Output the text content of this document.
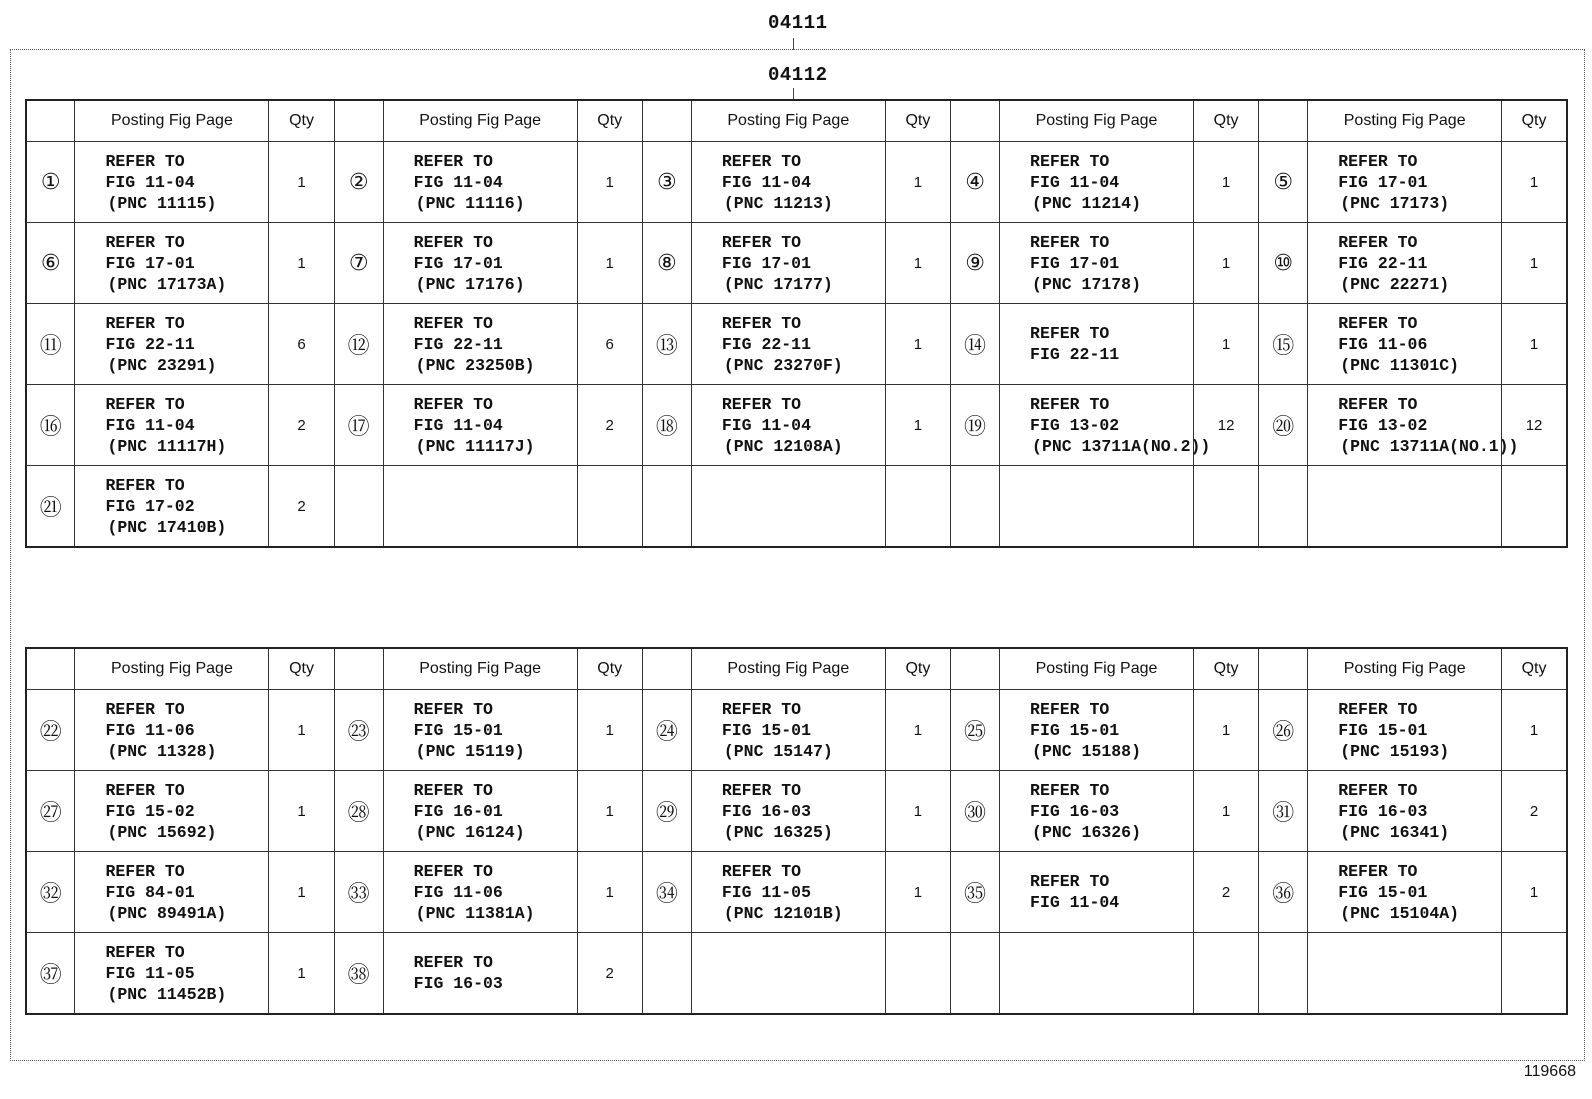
04111
04112
	Posting Fig Page	Qty		Posting Fig Page	Qty		Posting Fig Page	Qty		Posting Fig Page	Qty		Posting Fig Page	Qty
①	REFER TO
FIG 11-04
(PNC 11115)	1	②	REFER TO
FIG 11-04
(PNC 11116)	1	③	REFER TO
FIG 11-04
(PNC 11213)	1	④	REFER TO
FIG 11-04
(PNC 11214)	1	⑤	REFER TO
FIG 17-01
(PNC 17173)	1
⑥	REFER TO
FIG 17-01
(PNC 17173A)	1	⑦	REFER TO
FIG 17-01
(PNC 17176)	1	⑧	REFER TO
FIG 17-01
(PNC 17177)	1	⑨	REFER TO
FIG 17-01
(PNC 17178)	1	⑩	REFER TO
FIG 22-11
(PNC 22271)	1
⑪	REFER TO
FIG 22-11
(PNC 23291)	6	⑫	REFER TO
FIG 22-11
(PNC 23250B)	6	⑬	REFER TO
FIG 22-11
(PNC 23270F)	1	⑭	REFER TO
FIG 22-11	1	⑮	REFER TO
FIG 11-06
(PNC 11301C)	1
⑯	REFER TO
FIG 11-04
(PNC 11117H)	2	⑰	REFER TO
FIG 11-04
(PNC 11117J)	2	⑱	REFER TO
FIG 11-04
(PNC 12108A)	1	⑲	REFER TO
FIG 13-02
(PNC 13711A(NO.2))	12	⑳	REFER TO
FIG 13-02
(PNC 13711A(NO.1))	12
㉑	REFER TO
FIG 17-02
(PNC 17410B)	2		

	Posting Fig Page	Qty		Posting Fig Page	Qty		Posting Fig Page	Qty		Posting Fig Page	Qty		Posting Fig Page	Qty
㉒	REFER TO
FIG 11-06
(PNC 11328)	1	㉓	REFER TO
FIG 15-01
(PNC 15119)	1	㉔	REFER TO
FIG 15-01
(PNC 15147)	1	㉕	REFER TO
FIG 15-01
(PNC 15188)	1	㉖	REFER TO
FIG 15-01
(PNC 15193)	1
㉗	REFER TO
FIG 15-02
(PNC 15692)	1	㉘	REFER TO
FIG 16-01
(PNC 16124)	1	㉙	REFER TO
FIG 16-03
(PNC 16325)	1	㉚	REFER TO
FIG 16-03
(PNC 16326)	1	㉛	REFER TO
FIG 16-03
(PNC 16341)	2
㉜	REFER TO
FIG 84-01
(PNC 89491A)	1	㉝	REFER TO
FIG 11-06
(PNC 11381A)	1	㉞	REFER TO
FIG 11-05
(PNC 12101B)	1	㉟	REFER TO
FIG 11-04	2	㊱	REFER TO
FIG 15-01
(PNC 15104A)	1
㊲	REFER TO
FIG 11-05
(PNC 11452B)	1	㊳	REFER TO
FIG 16-03	2		

119668
